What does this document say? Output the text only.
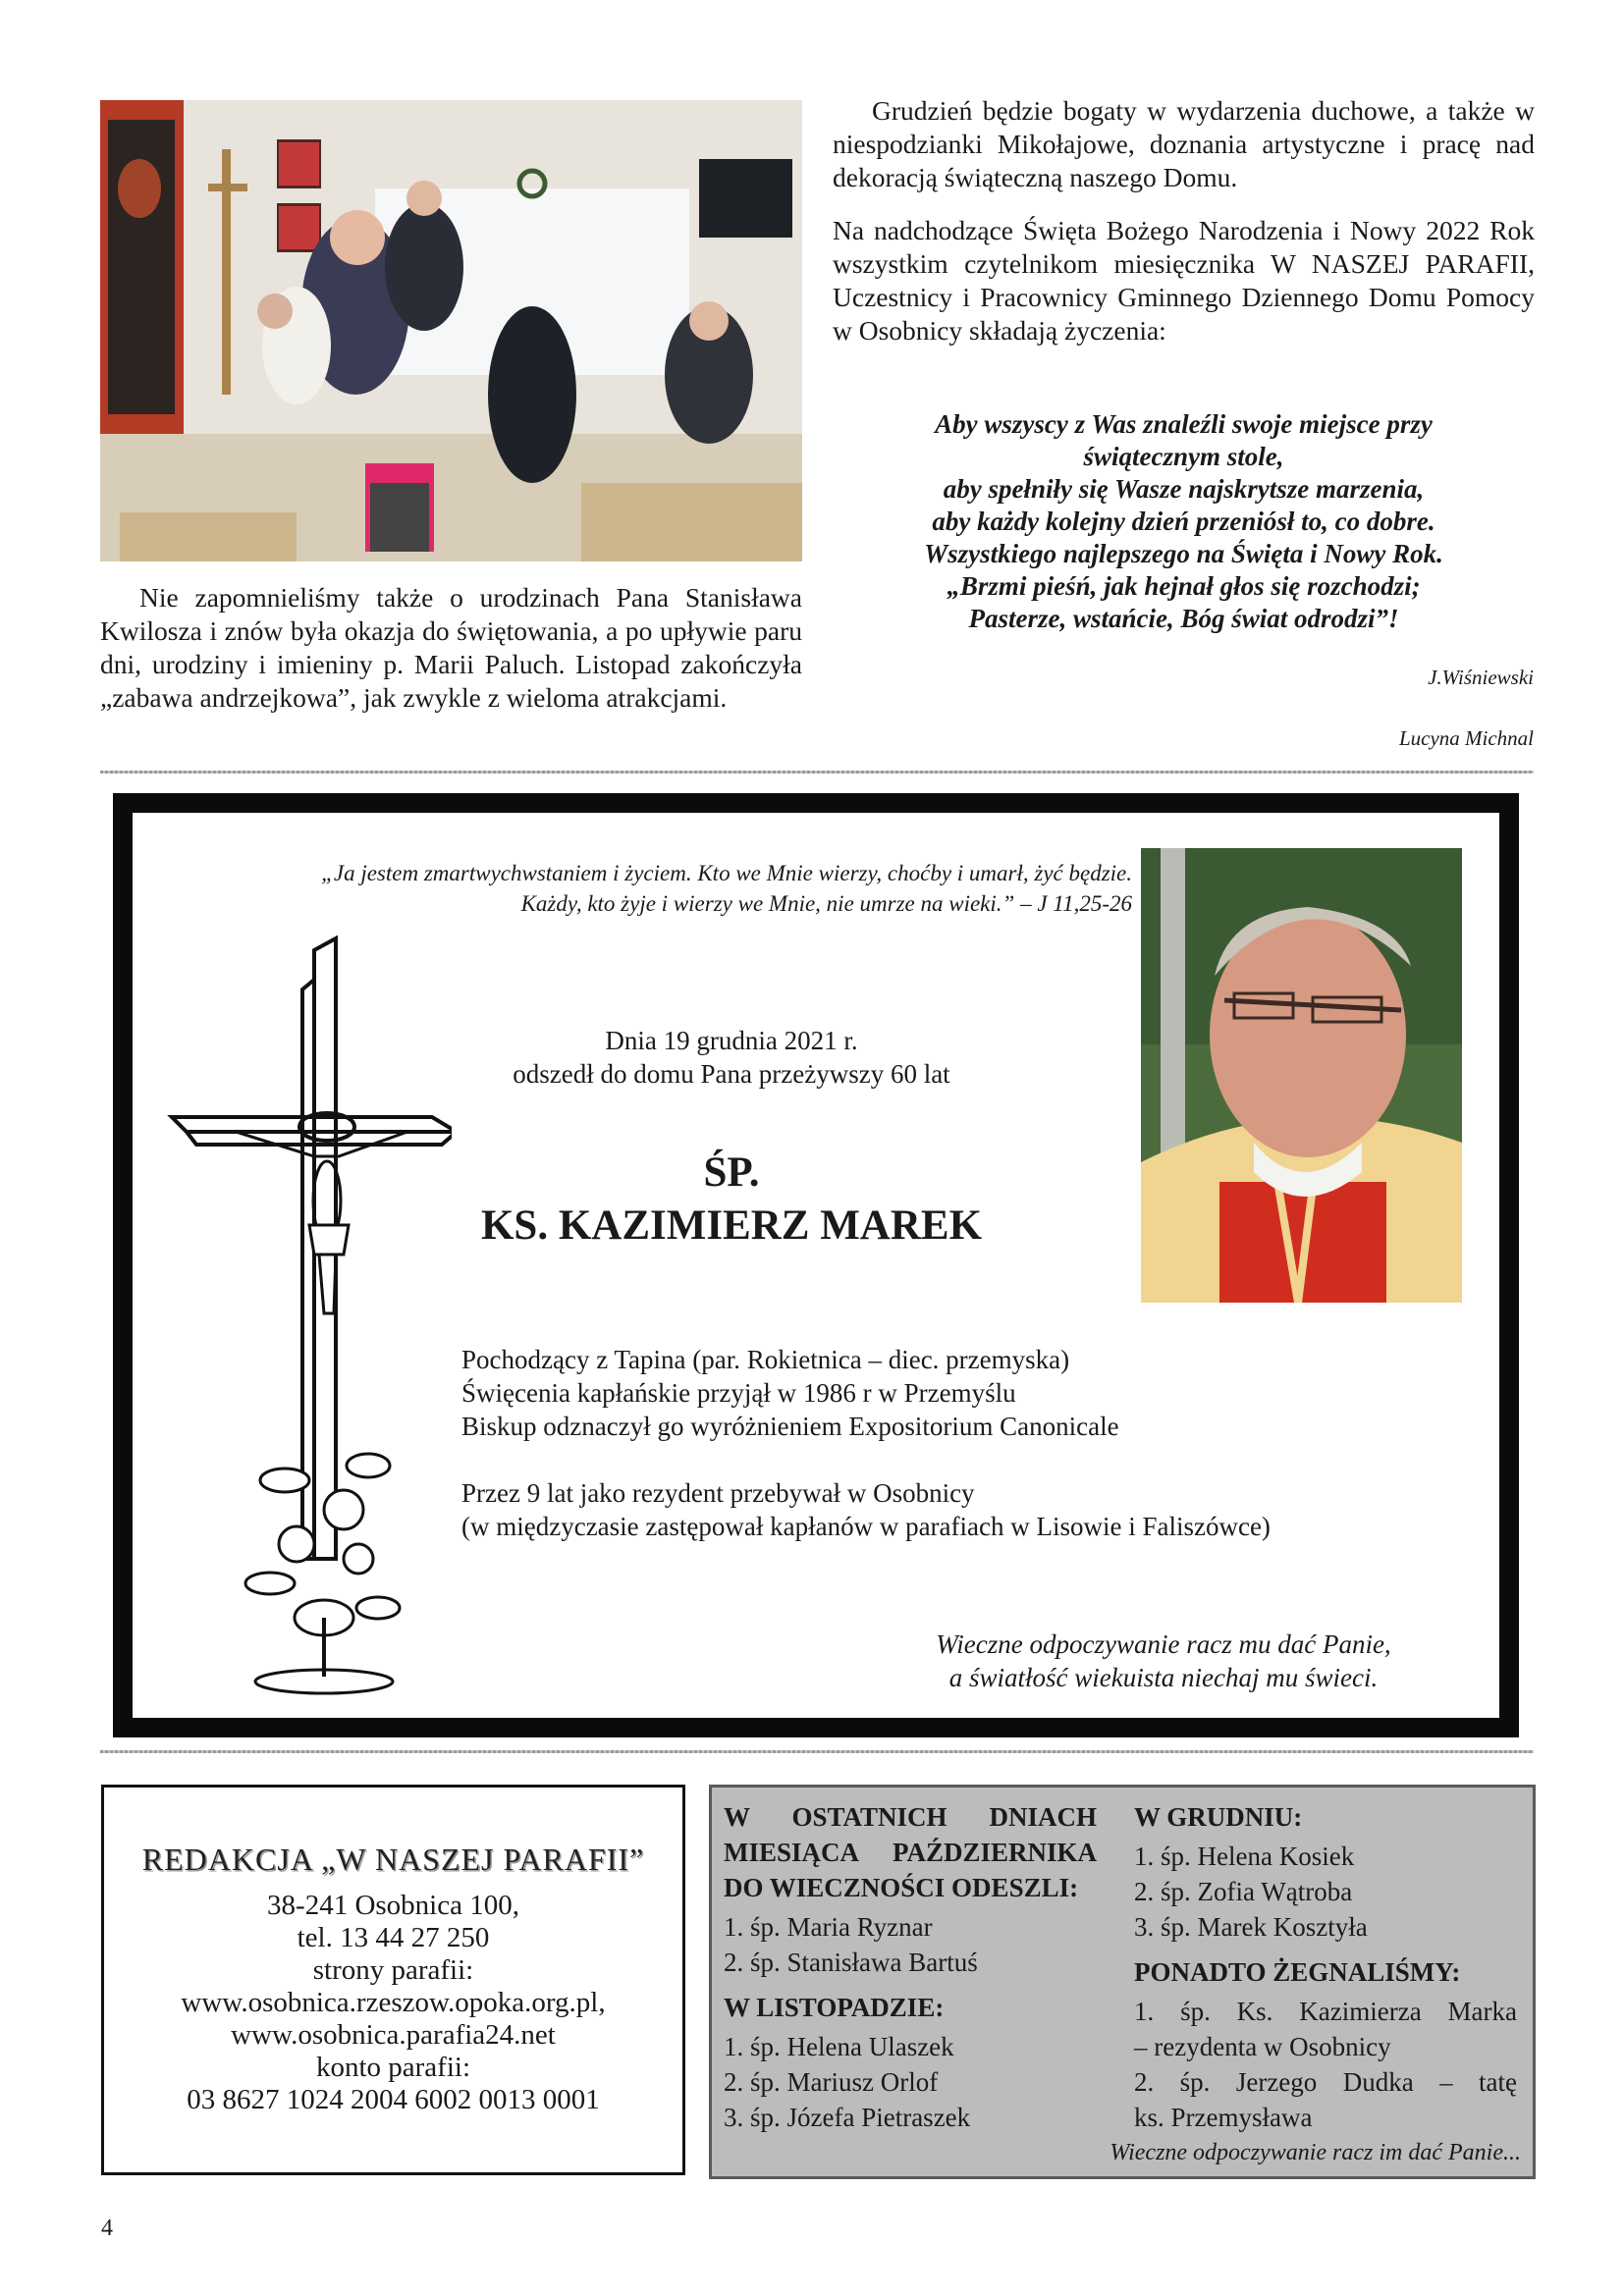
Nie zapomnieliśmy także o urodzinach Pana Stanisława Kwilosza i znów była okazja do świętowania, a po upływie paru dni, urodziny i imieniny p. Marii Paluch. Listopad zakończyła „zabawa andrzejkowa”, jak zwykle z wieloma atrakcjami.

Grudzień będzie bogaty w wydarzenia duchowe, a także w niespodzianki Mikołajowe, doznania artystyczne i pracę nad dekoracją świąteczną naszego Domu.

Na nadchodzące Święta Bożego Narodzenia i Nowy 2022 Rok wszystkim czytelnikom miesięcznika W NASZEJ PARAFII, Uczestnicy i Pracownicy Gminnego Dziennego Domu Pomocy w Osobnicy składają życzenia:

Aby wszyscy z Was znaleźli swoje miejsce przy
świątecznym stole,
aby spełniły się Wasze najskrytsze marzenia,
aby każdy kolejny dzień przeniósł to, co dobre.
Wszystkiego najlepszego na Święta i Nowy Rok.
„Brzmi pieśń, jak hejnał głos się rozchodzi;
Pasterze, wstańcie, Bóg świat odrodzi”!
J.Wiśniewski
Lucyna Michnal
„Ja jestem zmartwychwstaniem i życiem. Kto we Mnie wierzy, choćby i umarł, żyć będzie.
Każdy, kto żyje i wierzy we Mnie, nie umrze na wieki.” – J 11,25-26
Dnia 19 grudnia 2021 r.
odszedł do domu Pana przeżywszy 60 lat
ŚP.
KS. KAZIMIERZ MAREK
Pochodzący z Tapina (par. Rokietnica – diec. przemyska)
Święcenia kapłańskie przyjął w 1986 r w Przemyślu
Biskup odznaczył go wyróżnieniem Expositorium Canonicale
Przez 9 lat jako rezydent przebywał w Osobnicy
(w międzyczasie zastępował kapłanów w parafiach w Lisowie i Faliszówce)
Wieczne odpoczywanie racz mu dać Panie,
a światłość wiekuista niechaj mu świeci.
REDAKCJA „W NASZEJ PARAFII”
38-241 Osobnica 100,
tel. 13 44 27 250
strony parafii:
www.osobnica.rzeszow.opoka.org.pl,
www.osobnica.parafia24.net
konto parafii:
03 8627 1024 2004 6002 0013 0001
W OSTATNICH DNIACH
MIESIĄCA PAŹDZIERNIKA
DO WIECZNOŚCI ODESZLI:
1. śp. Maria Ryznar
2. śp. Stanisława Bartuś
W LISTOPADZIE:
1. śp. Helena Ulaszek
2. śp. Mariusz Orlof
3. śp. Józefa Pietraszek
W GRUDNIU:
1. śp. Helena Kosiek
2. śp. Zofia Wątroba
3. śp. Marek Kosztyła
PONADTO ŻEGNALIŚMY:
1. śp. Ks. Kazimierza Marka
– rezydenta w Osobnicy
2. śp. Jerzego Dudka – tatę
ks. Przemysława
Wieczne odpoczywanie racz im dać Panie...
4
